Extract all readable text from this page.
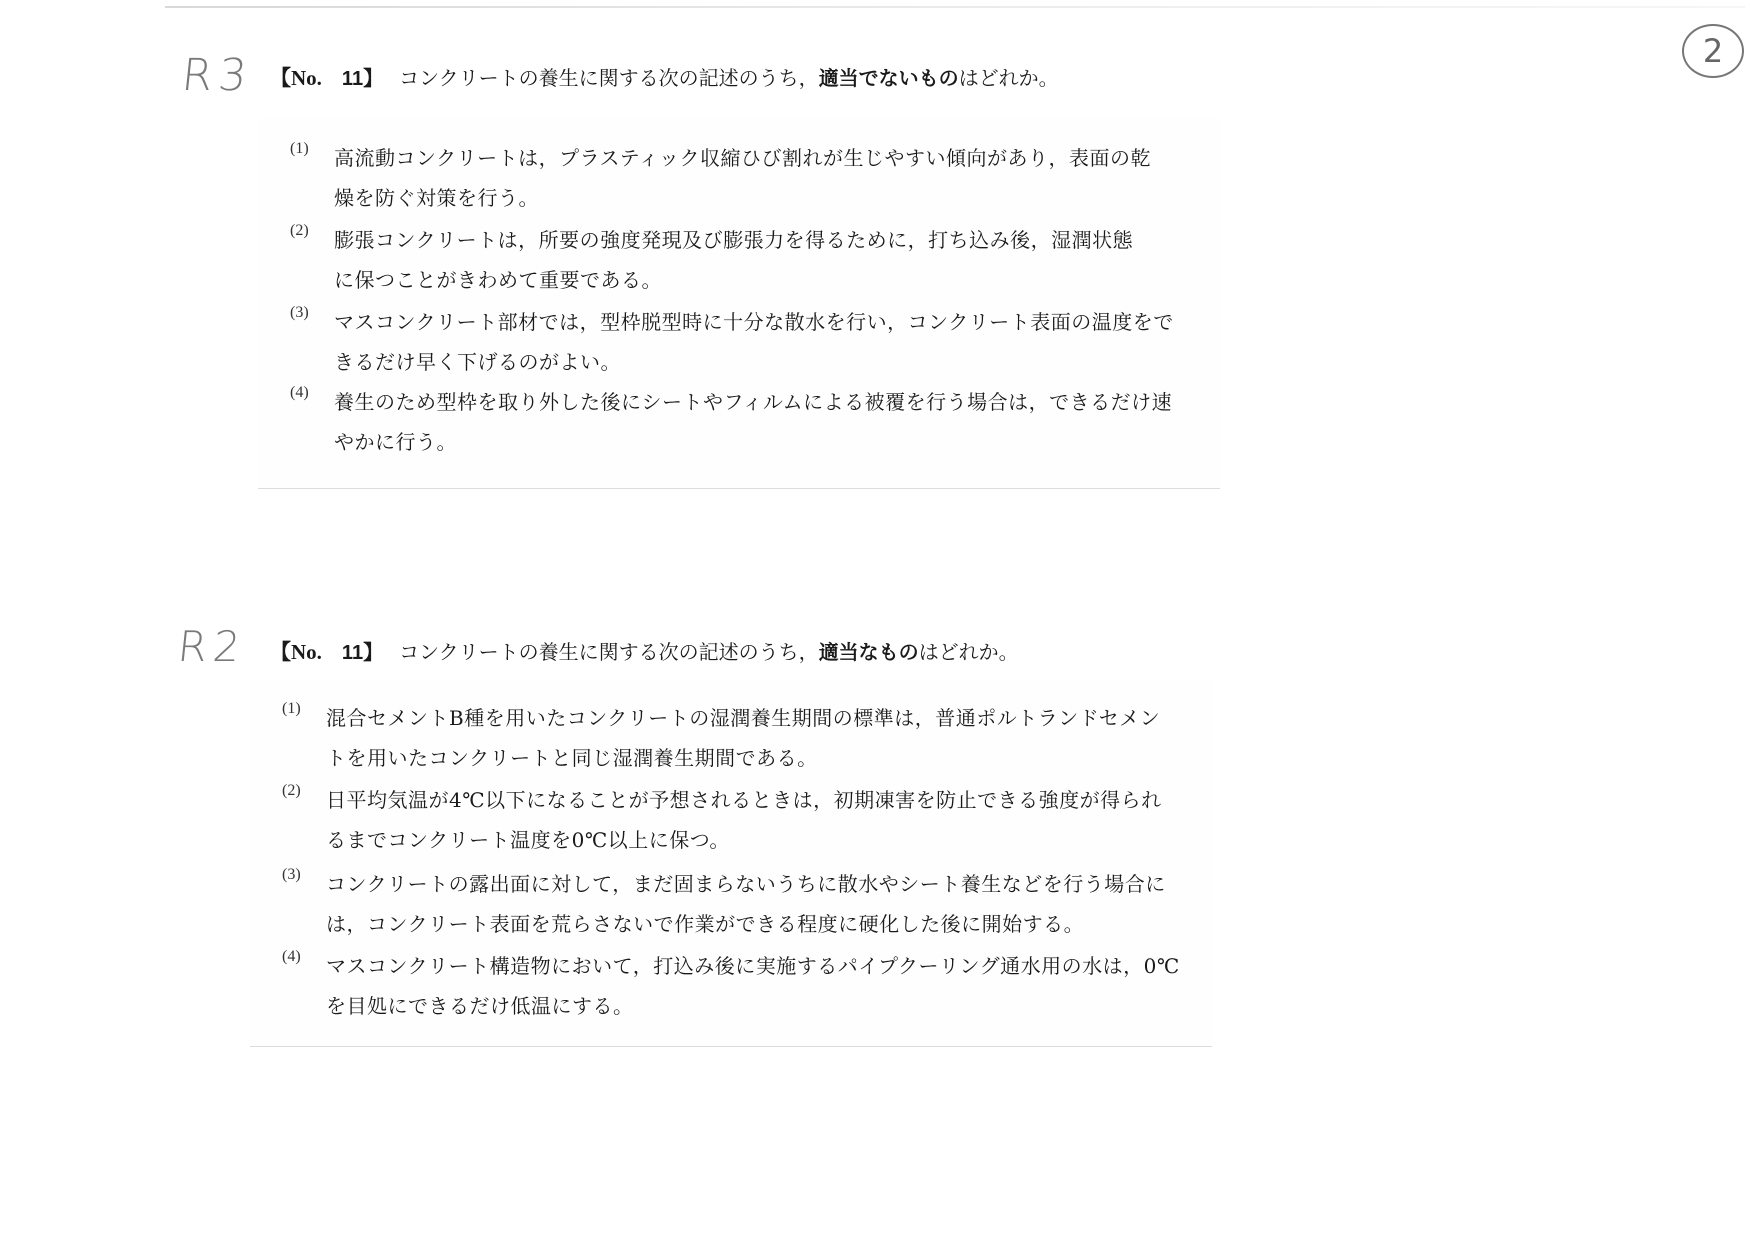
2
R3 【No. 11】 コンクリートの養生に関する次の記述のうち， 適当でないもの はどれか。
(1) 高流動コンクリートは，プラスティック収縮ひび割れが生じやすい傾向があり，表面の乾
燥を防ぐ対策を行う。
(2) 膨張コンクリートは，所要の強度発現及び膨張力を得るために，打ち込み後，湿潤状態
に保つことがきわめて重要である。
(3) マスコンクリート部材では，型枠脱型時に十分な散水を行い，コンクリート表面の温度をで
きるだけ早く下げるのがよい。
(4) 養生のため型枠を取り外した後にシートやフィルムによる被覆を行う場合は，できるだけ速
やかに行う。
R2 【No. 11】 コンクリートの養生に関する次の記述のうち， 適当なもの はどれか。
(1) 混合セメントB種を用いたコンクリートの湿潤養生期間の標準は，普通ポルトランドセメン
トを用いたコンクリートと同じ湿潤養生期間である。
(2) 日平均気温が4℃以下になることが予想されるときは，初期凍害を防止できる強度が得られ
るまでコンクリート温度を0℃以上に保つ。
(3) コンクリートの露出面に対して，まだ固まらないうちに散水やシート養生などを行う場合に
は，コンクリート表面を荒らさないで作業ができる程度に硬化した後に開始する。
(4) マスコンクリート構造物において，打込み後に実施するパイプクーリング通水用の水は，0℃
を目処にできるだけ低温にする。
